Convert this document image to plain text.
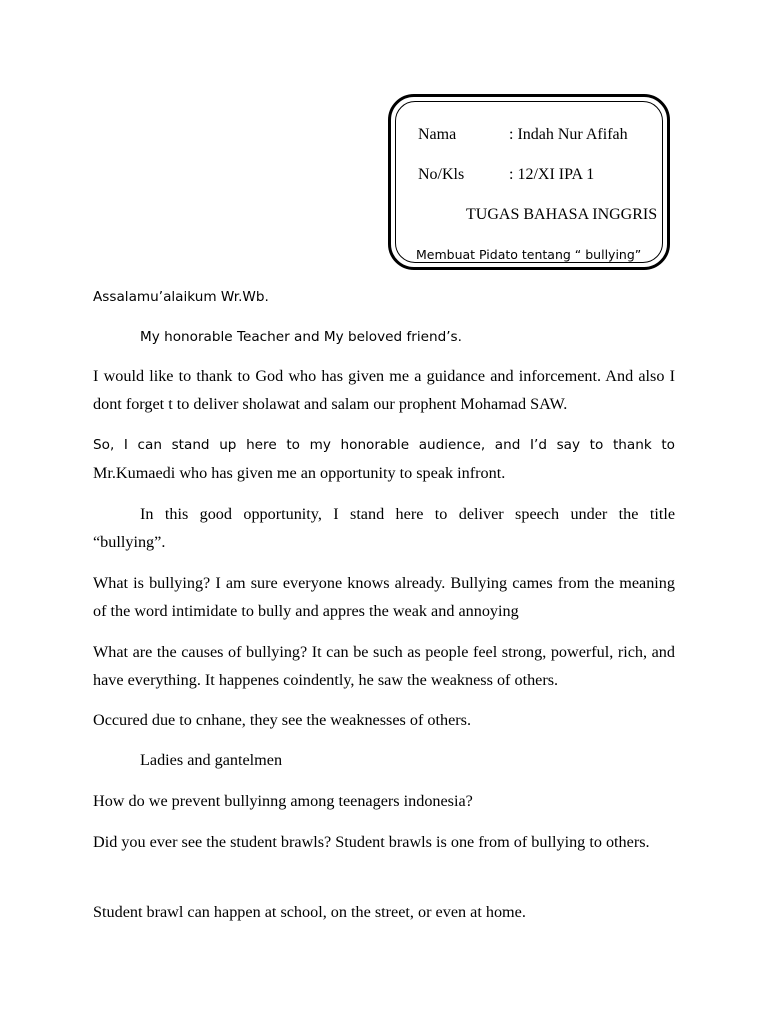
Nama	: Indah Nur Afifah
No/Kls	: 12/XI IPA 1
TUGAS BAHASA INGGRIS
Membuat Pidato tentang “ bullying”

Assalamu’alaikum Wr.Wb.

My honorable Teacher and My beloved friend’s.

I would like to thank to God who has given me a guidance and inforcement. And also I dont forget t to deliver sholawat and salam our prophent Mohamad SAW.

So, I can stand up here to my honorable audience, and I’d say to thank to

Mr.Kumaedi who has given me an opportunity to speak infront.

In this good opportunity, I stand here to deliver speech under the title

“bullying”.

What is bullying? I am sure everyone knows already. Bullying cames from the meaning of the word intimidate to bully and appres the weak and annoying

What are the causes of bullying? It can be such as people feel strong, powerful, rich, and have everything. It happenes coindently, he saw the weakness of others.

Occured due to cnhane, they see the weaknesses of others.

Ladies and gantelmen

How do we prevent bullyinng among teenagers indonesia?

Did you ever see the student brawls? Student brawls is one from of bullying to others.

Student brawl can happen at school, on the street, or even at home.
